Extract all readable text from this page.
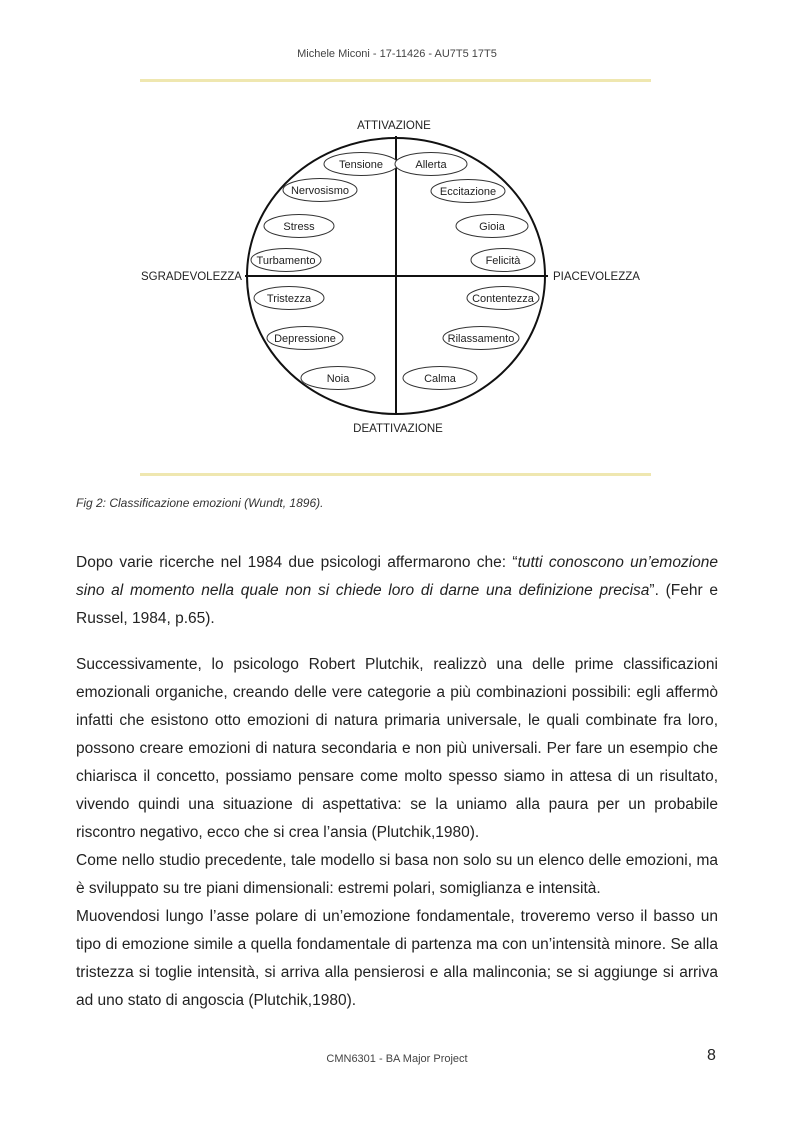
Michele Miconi - 17-11426 - AU7T5 17T5
ATTIVAZIONE
DEATTIVAZIONE
SGRADEVOLEZZA	PIACEVOLEZZA
Tensione
Nervosismo
Stress
Turbamento
Tristezza
Depressione
Noia
Allerta
Eccitazione
Gioia
Felicità
Contentezza
Rilassamento
Calma
Fig 2: Classificazione emozioni (Wundt, 1896).

Dopo varie ricerche nel 1984 due psicologi affermarono che: “tutti conoscono un’emozione sino al momento nella quale non si chiede loro di darne una definizione precisa”. (Fehr e Russel, 1984, p.65).

Successivamente, lo psicologo Robert Plutchik, realizzò una delle prime classificazioni emozionali organiche, creando delle vere categorie a più combinazioni possibili: egli affermò infatti che esistono otto emozioni di natura primaria universale, le quali combinate fra loro, possono creare emozioni di natura secondaria e non più universali. Per fare un esempio che chiarisca il concetto, possiamo pensare come molto spesso siamo in attesa di un risultato, vivendo quindi una situazione di aspettativa: se la uniamo alla paura per un probabile riscontro negativo, ecco che si crea l’ansia (Plutchik,1980).

Come nello studio precedente, tale modello si basa non solo su un elenco delle emozioni, ma è sviluppato su tre piani dimensionali: estremi polari, somiglianza e intensità.

Muovendosi lungo l’asse polare di un’emozione fondamentale, troveremo verso il basso un tipo di emozione simile a quella fondamentale di partenza ma con un’intensità minore. Se alla tristezza si toglie intensità, si arriva alla pensierosi e alla malinconia; se si aggiunge si arriva ad uno stato di angoscia (Plutchik,1980).

CMN6301 - BA Major Project	8
